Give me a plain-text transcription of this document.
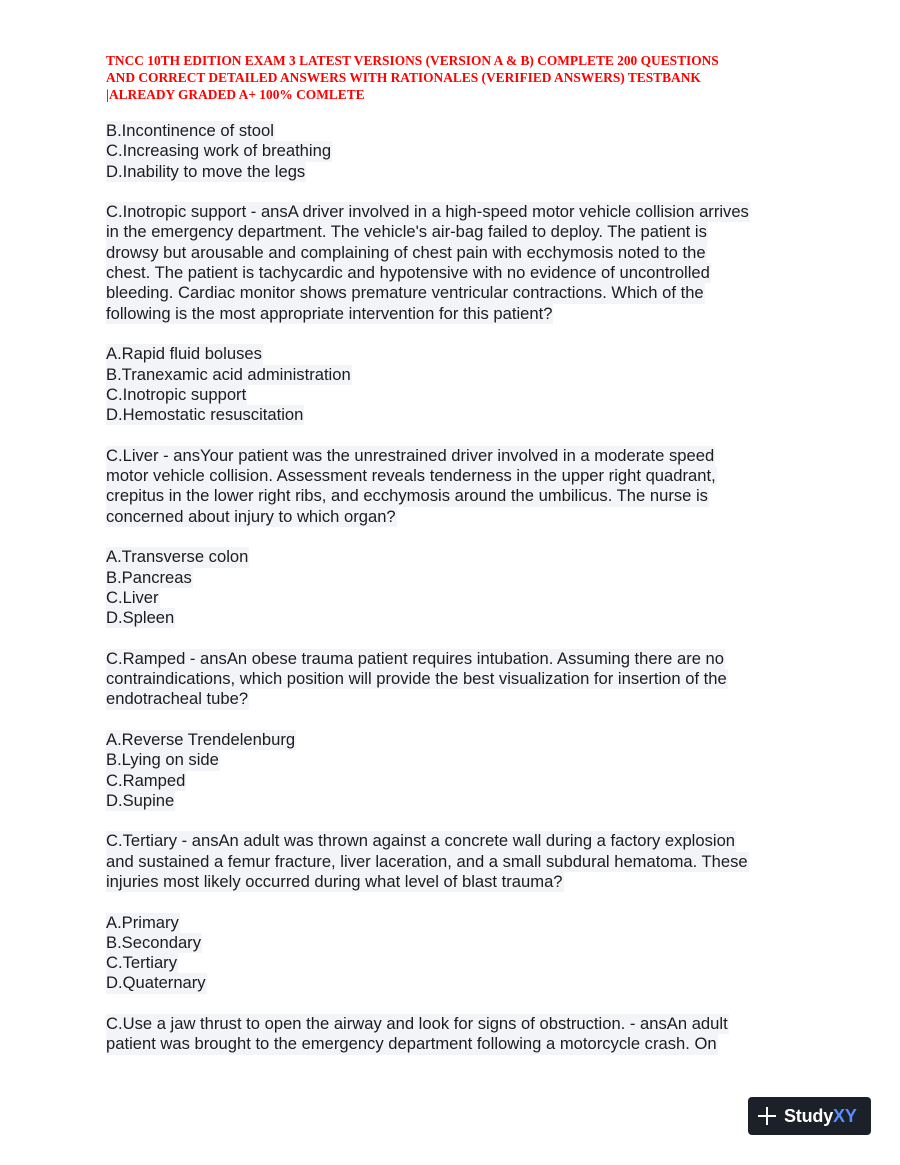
TNCC 10TH EDITION EXAM 3 LATEST VERSIONS (VERSION A & B) COMPLETE 200 QUESTIONS
AND CORRECT DETAILED ANSWERS WITH RATIONALES (VERIFIED ANSWERS) TESTBANK
|ALREADY GRADED A+ 100% COMLETE
B.Incontinence of stool
C.Increasing work of breathing
D.Inability to move the legs
C.Inotropic support - ansA driver involved in a high-speed motor vehicle collision arrives
in the emergency department. The vehicle's air-bag failed to deploy. The patient is
drowsy but arousable and complaining of chest pain with ecchymosis noted to the
chest. The patient is tachycardic and hypotensive with no evidence of uncontrolled
bleeding. Cardiac monitor shows premature ventricular contractions. Which of the
following is the most appropriate intervention for this patient?
A.Rapid fluid boluses
B.Tranexamic acid administration
C.Inotropic support
D.Hemostatic resuscitation
C.Liver - ansYour patient was the unrestrained driver involved in a moderate speed
motor vehicle collision. Assessment reveals tenderness in the upper right quadrant,
crepitus in the lower right ribs, and ecchymosis around the umbilicus. The nurse is
concerned about injury to which organ?
A.Transverse colon
B.Pancreas
C.Liver
D.Spleen
C.Ramped - ansAn obese trauma patient requires intubation. Assuming there are no
contraindications, which position will provide the best visualization for insertion of the
endotracheal tube?
A.Reverse Trendelenburg
B.Lying on side
C.Ramped
D.Supine
C.Tertiary - ansAn adult was thrown against a concrete wall during a factory explosion
and sustained a femur fracture, liver laceration, and a small subdural hematoma. These
injuries most likely occurred during what level of blast trauma?
A.Primary
B.Secondary
C.Tertiary
D.Quaternary
C.Use a jaw thrust to open the airway and look for signs of obstruction. - ansAn adult
patient was brought to the emergency department following a motorcycle crash. On
StudyXY
